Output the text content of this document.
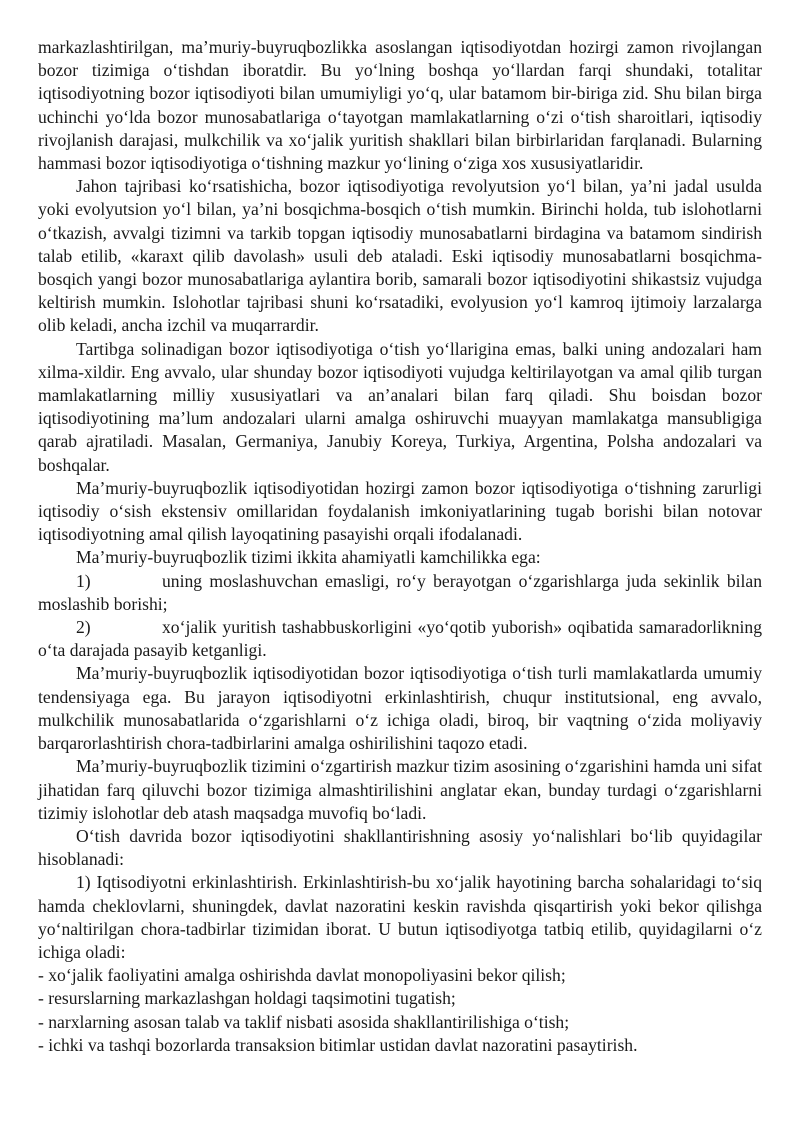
markazlashtirilgan, ma’muriy-buyruqbozlikka asoslangan iqtisodiyotdan hozirgi zamon rivojlangan bozor tizimiga o‘tishdan iboratdir. Bu yo‘lning boshqa yo‘llardan farqi shundaki, totalitar iqtisodiyotning bozor iqtisodiyoti bilan umumiyligi yo‘q, ular batamom bir-biriga zid. Shu bilan birga uchinchi yo‘lda bozor munosabatlariga o‘tayotgan mamlakatlarning o‘zi o‘tish sharoitlari, iqtisodiy rivojlanish darajasi, mulkchilik va xo‘jalik yuritish shakllari bilan birbirlaridan farqlanadi. Bularning hammasi bozor iqtisodiyotiga o‘tishning mazkur yo‘lining o‘ziga xos xususiyatlaridir.

Jahon tajribasi ko‘rsatishicha, bozor iqtisodiyotiga revolyutsion yo‘l bilan, ya’ni jadal usulda yoki evolyutsion yo‘l bilan, ya’ni bosqichma-bosqich o‘tish mumkin. Birinchi holda, tub islohotlarni o‘tkazish, avvalgi tizimni va tarkib topgan iqtisodiy munosabatlarni birdagina va batamom sindirish talab etilib, «karaxt qilib davolash» usuli deb ataladi. Eski iqtisodiy munosabatlarni bosqichma-bosqich yangi bozor munosabatlariga aylantira borib, samarali bozor iqtisodiyotini shikastsiz vujudga keltirish mumkin. Islohotlar tajribasi shuni ko‘rsatadiki, evolyusion yo‘l kamroq ijtimoiy larzalarga olib keladi, ancha izchil va muqarrardir.

Tartibga solinadigan bozor iqtisodiyotiga o‘tish yo‘llarigina emas, balki uning andozalari ham xilma-xildir. Eng avvalo, ular shunday bozor iqtisodiyoti vujudga keltirilayotgan va amal qilib turgan mamlakatlarning milliy xususiyatlari va an’analari bilan farq qiladi. Shu boisdan bozor iqtisodiyotining ma’lum andozalari ularni amalga oshiruvchi muayyan mamlakatga mansubligiga qarab ajratiladi. Masalan, Germaniya, Janubiy Koreya, Turkiya, Argentina, Polsha andozalari va boshqalar.

Ma’muriy-buyruqbozlik iqtisodiyotidan hozirgi zamon bozor iqtisodiyotiga o‘tishning zarurligi iqtisodiy o‘sish ekstensiv omillaridan foydalanish imkoniyatlarining tugab borishi bilan notovar iqtisodiyotning amal qilish layoqatining pasayishi orqali ifodalanadi.

Ma’muriy-buyruqbozlik tizimi ikkita ahamiyatli kamchilikka ega:

1)	uning moslashuvchan emasligi, ro‘y berayotgan o‘zgarishlarga juda sekinlik bilan moslashib borishi;

2)	xo‘jalik yuritish tashabbuskorligini «yo‘qotib yuborish» oqibatida samaradorlikning o‘ta darajada pasayib ketganligi.

Ma’muriy-buyruqbozlik iqtisodiyotidan bozor iqtisodiyotiga o‘tish turli mamlakatlarda umumiy tendensiyaga ega. Bu jarayon iqtisodiyotni erkinlashtirish, chuqur institutsional, eng avvalo, mulkchilik munosabatlarida o‘zgarishlarni o‘z ichiga oladi, biroq, bir vaqtning o‘zida moliyaviy barqarorlashtirish chora-tadbirlarini amalga oshirilishini taqozo etadi.

Ma’muriy-buyruqbozlik tizimini o‘zgartirish mazkur tizim asosining o‘zgarishini hamda uni sifat jihatidan farq qiluvchi bozor tizimiga almashtirilishini anglatar ekan, bunday turdagi o‘zgarishlarni tizimiy islohotlar deb atash maqsadga muvofiq bo‘ladi.

O‘tish davrida bozor iqtisodiyotini shakllantirishning asosiy yo‘nalishlari bo‘lib quyidagilar hisoblanadi:

1) Iqtisodiyotni erkinlashtirish. Erkinlashtirish-bu xo‘jalik hayotining barcha sohalaridagi to‘siq hamda cheklovlarni, shuningdek, davlat nazoratini keskin ravishda qisqartirish yoki bekor qilishga yo‘naltirilgan chora-tadbirlar tizimidan iborat. U butun iqtisodiyotga tatbiq etilib, quyidagilarni o‘z ichiga oladi:

- xo‘jalik faoliyatini amalga oshirishda davlat monopoliyasini bekor qilish;

- resurslarning markazlashgan holdagi taqsimotini tugatish;

- narxlarning asosan talab va taklif nisbati asosida shakllantirilishiga o‘tish;

- ichki va tashqi bozorlarda transaksion bitimlar ustidan davlat nazoratini pasaytirish.
